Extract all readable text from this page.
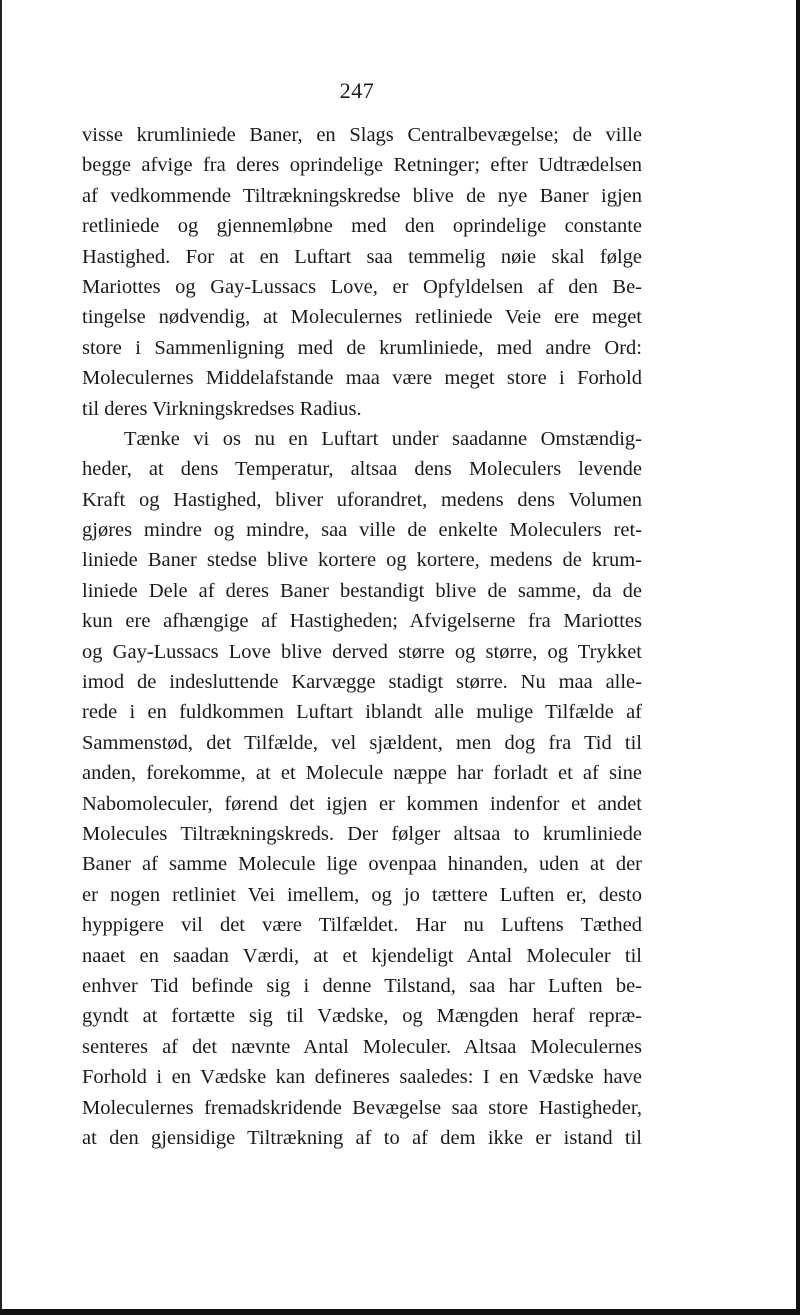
247
visse krumliniede Baner, en Slags Centralbevægelse; de ville
begge afvige fra deres oprindelige Retninger; efter Udtrædelsen
af vedkommende Tiltrækningskredse blive de nye Baner igjen
retliniede og gjennemløbne med den oprindelige constante
Hastighed. For at en Luftart saa temmelig nøie skal følge
Mariottes og Gay-Lussacs Love, er Opfyldelsen af den Be-
tingelse nødvendig, at Moleculernes retliniede Veie ere meget
store i Sammenligning med de krumliniede, med andre Ord:
Moleculernes Middelafstande maa være meget store i Forhold
til deres Virkningskredses Radius.
Tænke vi os nu en Luftart under saadanne Omstændig-
heder, at dens Temperatur, altsaa dens Moleculers levende
Kraft og Hastighed, bliver uforandret, medens dens Volumen
gjøres mindre og mindre, saa ville de enkelte Moleculers ret-
liniede Baner stedse blive kortere og kortere, medens de krum-
liniede Dele af deres Baner bestandigt blive de samme, da de
kun ere afhængige af Hastigheden; Afvigelserne fra Mariottes
og Gay-Lussacs Love blive derved større og større, og Trykket
imod de indesluttende Karvægge stadigt større. Nu maa alle-
rede i en fuldkommen Luftart iblandt alle mulige Tilfælde af
Sammenstød, det Tilfælde, vel sjældent, men dog fra Tid til
anden, forekomme, at et Molecule næppe har forladt et af sine
Nabomoleculer, førend det igjen er kommen indenfor et andet
Molecules Tiltrækningskreds. Der følger altsaa to krumliniede
Baner af samme Molecule lige ovenpaa hinanden, uden at der
er nogen retliniet Vei imellem, og jo tættere Luften er, desto
hyppigere vil det være Tilfældet. Har nu Luftens Tæthed
naaet en saadan Værdi, at et kjendeligt Antal Moleculer til
enhver Tid befinde sig i denne Tilstand, saa har Luften be-
gyndt at fortætte sig til Vædske, og Mængden heraf repræ-
senteres af det nævnte Antal Moleculer. Altsaa Moleculernes
Forhold i en Vædske kan defineres saaledes: I en Vædske have
Moleculernes fremadskridende Bevægelse saa store Hastigheder,
at den gjensidige Tiltrækning af to af dem ikke er istand til
